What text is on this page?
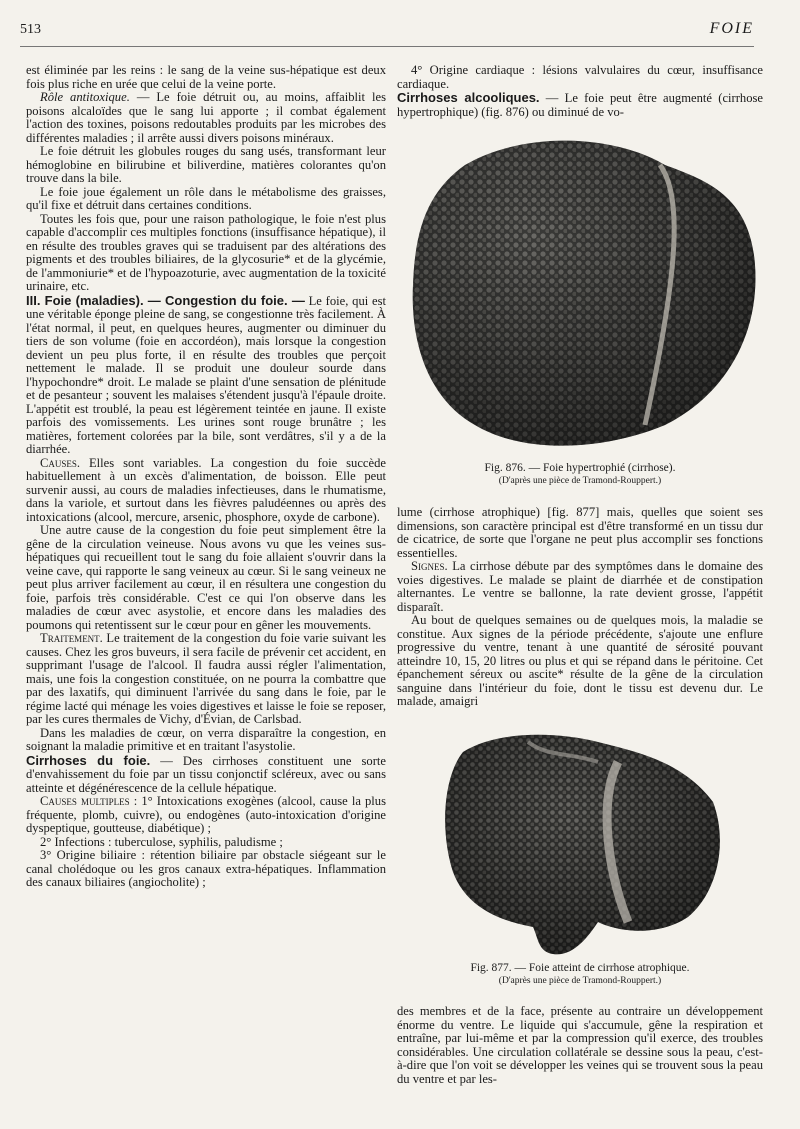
513	FOIE

est éliminée par les reins : le sang de la veine sus-hépatique est deux fois plus riche en urée que celui de la veine porte.

Rôle antitoxique. — Le foie détruit ou, au moins, affaiblit les poisons alcaloïdes que le sang lui apporte ; il combat également l'action des toxines, poisons redoutables produits par les microbes des différentes maladies ; il arrête aussi divers poisons minéraux.

Le foie détruit les globules rouges du sang usés, transformant leur hémoglobine en bilirubine et biliverdine, matières colorantes qu'on trouve dans la bile.

Le foie joue également un rôle dans le métabolisme des graisses, qu'il fixe et détruit dans certaines conditions.

Toutes les fois que, pour une raison pathologique, le foie n'est plus capable d'accomplir ces multiples fonctions (insuffisance hépatique), il en résulte des troubles graves qui se traduisent par des altérations des pigments et des troubles biliaires, de la glycosurie* et de la glycémie, de l'ammoniurie* et de l'hypoazoturie, avec augmentation de la toxicité urinaire, etc.

III. Foie (maladies). — Congestion du foie. — Le foie, qui est une véritable éponge pleine de sang, se congestionne très facilement. À l'état normal, il peut, en quelques heures, augmenter ou diminuer du tiers de son volume (foie en accordéon), mais lorsque la congestion devient un peu plus forte, il en résulte des troubles que perçoit nettement le malade. Il se produit une douleur sourde dans l'hypochondre* droit. Le malade se plaint d'une sensation de plénitude et de pesanteur ; souvent les malaises s'étendent jusqu'à l'épaule droite. L'appétit est troublé, la peau est légèrement teintée en jaune. Il existe parfois des vomissements. Les urines sont rouge brunâtre ; les matières, fortement colorées par la bile, sont verdâtres, s'il y a de la diarrhée.

Causes. Elles sont variables. La congestion du foie succède habituellement à un excès d'alimentation, de boisson. Elle peut survenir aussi, au cours de maladies infectieuses, dans le rhumatisme, dans la variole, et surtout dans les fièvres paludéennes ou après des intoxications (alcool, mercure, arsenic, phosphore, oxyde de carbone).

Une autre cause de la congestion du foie peut simplement être la gêne de la circulation veineuse. Nous avons vu que les veines sus-hépatiques qui recueillent tout le sang du foie allaient s'ouvrir dans la veine cave, qui rapporte le sang veineux au cœur. Si le sang veineux ne peut plus arriver facilement au cœur, il en résultera une congestion du foie, parfois très considérable. C'est ce qui l'on observe dans les maladies de cœur avec asystolie, et encore dans les maladies des poumons qui retentissent sur le cœur pour en gêner les mouvements.

Traitement. Le traitement de la congestion du foie varie suivant les causes. Chez les gros buveurs, il sera facile de prévenir cet accident, en supprimant l'usage de l'alcool. Il faudra aussi régler l'alimentation, mais, une fois la congestion constituée, on ne pourra la combattre que par des laxatifs, qui diminuent l'arrivée du sang dans le foie, par le régime lacté qui ménage les voies digestives et laisse le foie se reposer, par les cures thermales de Vichy, d'Évian, de Carlsbad.

Dans les maladies de cœur, on verra disparaître la congestion, en soignant la maladie primitive et en traitant l'asystolie.

Cirrhoses du foie. — Des cirrhoses constituent une sorte d'envahissement du foie par un tissu conjonctif scléreux, avec ou sans atteinte et dégénérescence de la cellule hépatique.

Causes multiples : 1° Intoxications exogènes (alcool, cause la plus fréquente, plomb, cuivre), ou endogènes (auto-intoxication d'origine dyspeptique, goutteuse, diabétique) ;

2° Infections : tuberculose, syphilis, paludisme ;

3° Origine biliaire : rétention biliaire par obstacle siégeant sur le canal cholédoque ou les gros canaux extra-hépatiques. Inflammation des canaux biliaires (angiocholite) ;

4° Origine cardiaque : lésions valvulaires du cœur, insuffisance cardiaque.

Cirrhoses alcooliques. — Le foie peut être augmenté (cirrhose hypertrophique) (fig. 876) ou diminué de vo-

Fig. 876. — Foie hypertrophié (cirrhose).
(D'après une pièce de Tramond-Rouppert.)

lume (cirrhose atrophique) [fig. 877] mais, quelles que soient ses dimensions, son caractère principal est d'être transformé en un tissu dur de cicatrice, de sorte que l'organe ne peut plus accomplir ses fonctions essentielles.

Signes. La cirrhose débute par des symptômes dans le domaine des voies digestives. Le malade se plaint de diarrhée et de constipation alternantes. Le ventre se ballonne, la rate devient grosse, l'appétit disparaît.

Au bout de quelques semaines ou de quelques mois, la maladie se constitue. Aux signes de la période précédente, s'ajoute une enflure progressive du ventre, tenant à une quantité de sérosité pouvant atteindre 10, 15, 20 litres ou plus et qui se répand dans le péritoine. Cet épanchement séreux ou ascite* résulte de la gêne de la circulation sanguine dans l'intérieur du foie, dont le tissu est devenu dur. Le malade, amaigri

Fig. 877. — Foie atteint de cirrhose atrophique.
(D'après une pièce de Tramond-Rouppert.)

des membres et de la face, présente au contraire un développement énorme du ventre. Le liquide qui s'accumule, gêne la respiration et entraîne, par lui-même et par la compression qu'il exerce, des troubles considérables. Une circulation collatérale se dessine sous la peau, c'est-à-dire que l'on voit se développer les veines qui se trouvent sous la peau du ventre et par les-
